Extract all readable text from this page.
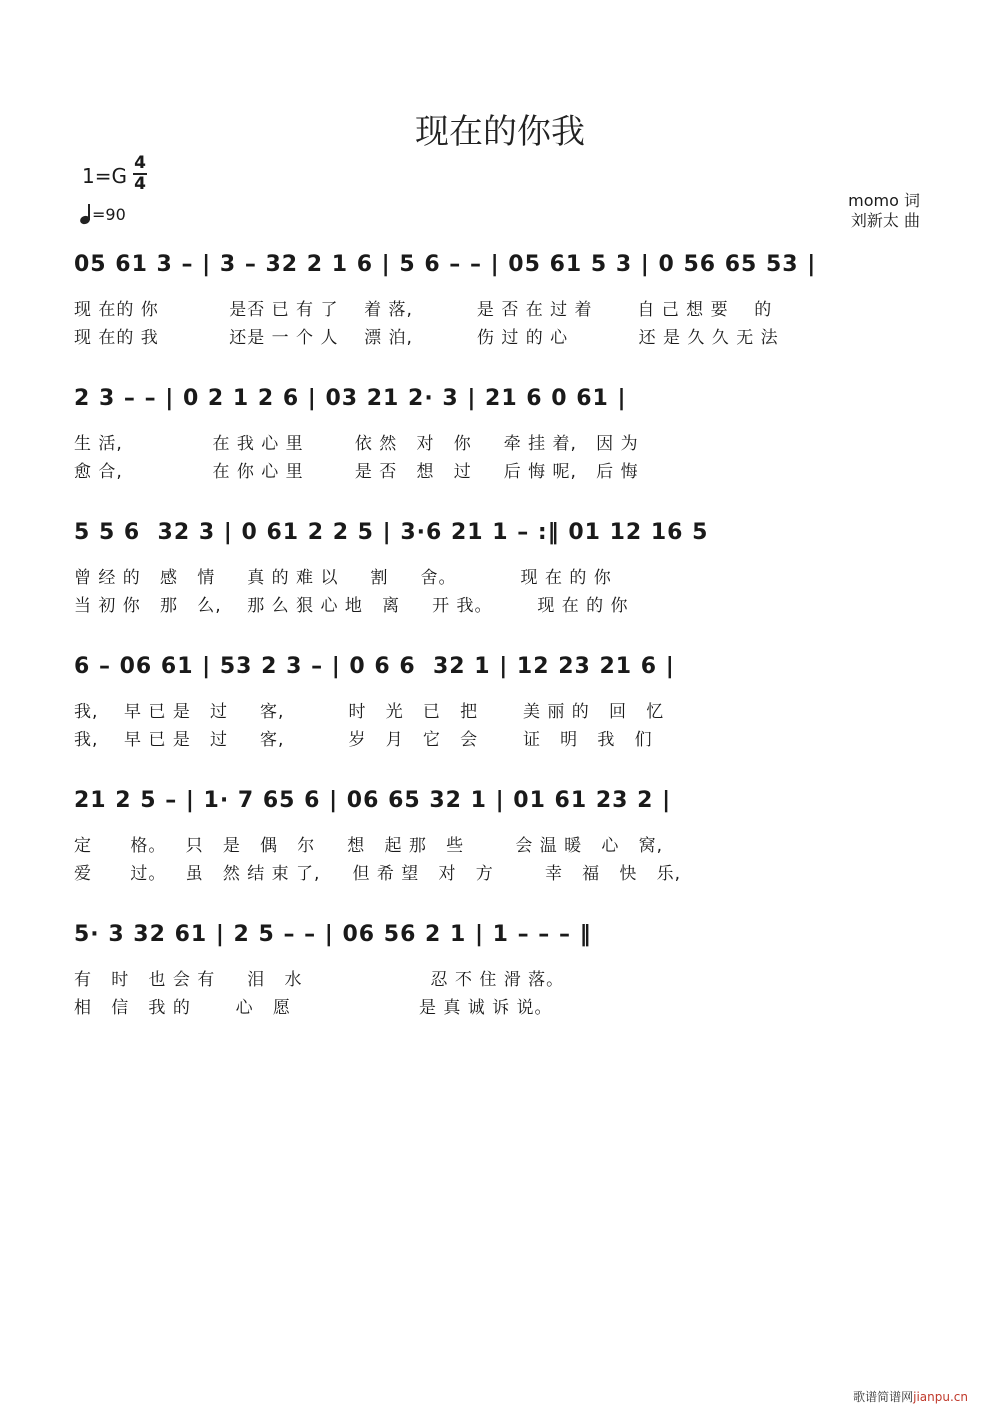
现在的你我
1=G
4
4
=90
momo 词
刘新太 曲
05 61 3 – | 3 – 32 2 1 6 | 5 6 – – | 05 61 5 3 | 0 56 65 53 |
现 在的 你           是否 已 有 了    着 落,          是 否 在 过 着       自 己 想 要    的
现 在的 我           还是 一 个 人    漂 泊,          伤 过 的 心           还 是 久 久 无 法
2 3 – – | 0 2 1 2 6 | 03 21 2· 3 | 21 6 0 61 |
生 活,              在 我 心 里        依 然   对   你     牵 挂 着,   因 为
愈 合,              在 你 心 里        是 否   想   过     后 悔 呢,   后 悔
5 5 6  32 3 | 0 61 2 2 5 | 3·6 21 1 – :‖ 01 12 16 5
曾 经 的   感   情     真 的 难 以     割     舍。          现 在 的 你
当 初 你   那   么,    那 么 狠 心 地   离     开 我。       现 在 的 你
6 – 06 61 | 53 2 3 – | 0 6 6  32 1 | 12 23 21 6 |
我,    早 已 是   过     客,          时   光   已   把       美 丽 的   回   忆
我,    早 已 是   过     客,          岁   月   它   会       证   明   我   们
21 2 5 – | 1· 7 65 6 | 06 65 32 1 | 01 61 23 2 |
定      格。   只   是   偶   尔     想   起 那   些        会 温 暖   心   窝,
爱      过。   虽   然 结 束 了,     但 希 望   对   方        幸   福   快   乐,
5· 3 32 61 | 2 5 – – | 06 56 2 1 | 1 – – – ‖
有   时   也 会 有     泪   水                    忍 不 住 滑 落。
相   信   我 的       心   愿                    是 真 诚 诉 说。
歌谱简谱网jianpu.cn
